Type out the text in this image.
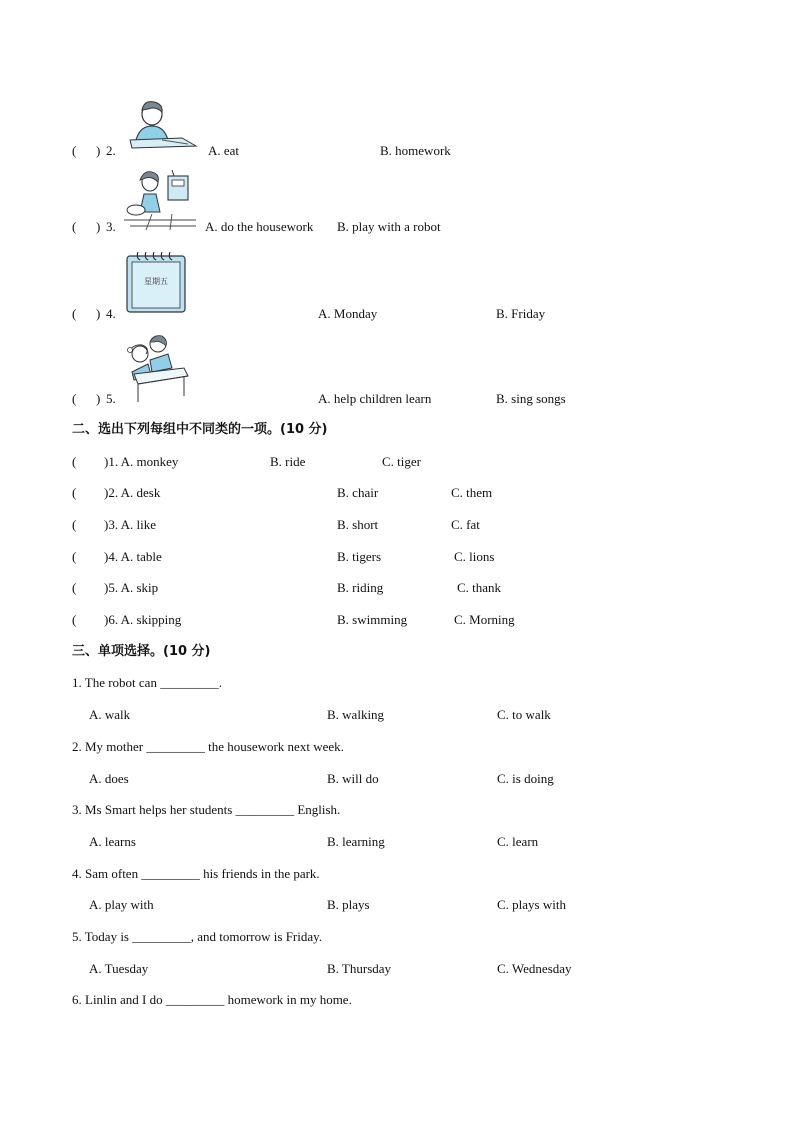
( ) 2.	A. eat	B. homework
( ) 3.	A. do the housework B. play with a robot
星期五
( ) 4.	A. Monday	B. Friday
( ) 5.	A. help children learn	B. sing songs
二、选出下列每组中不同类的一项。(10 分)
( )1. A. monkey	B. ride	C. tiger
( )2. A. desk	B. chair	C. them
( )3. A. like	B. short	C. fat
( )4. A. table	B. tigers	C. lions
( )5. A. skip	B. riding	C. thank
( )6. A. skipping	B. swimming	C. Morning
三、单项选择。(10 分)
1. The robot can _________.
A. walk	B. walking	C. to walk
2. My mother _________ the housework next week.
A. does	B. will do	C. is doing
3. Ms Smart helps her students _________ English.
A. learns	B. learning	C. learn
4. Sam often _________ his friends in the park.
A. play with	B. plays	C. plays with
5. Today is _________, and tomorrow is Friday.
A. Tuesday	B. Thursday	C. Wednesday
6. Linlin and I do _________ homework in my home.
